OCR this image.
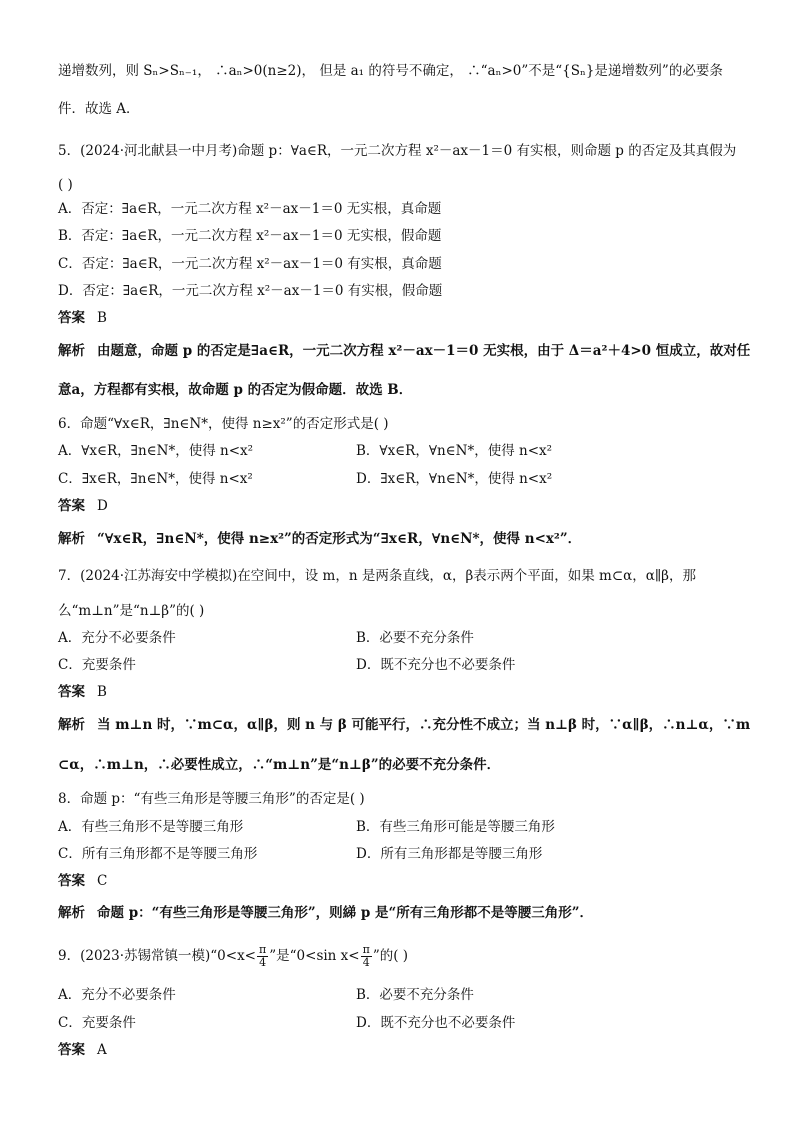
递增数列，则 Sₙ>Sₙ₋₁， ∴aₙ>0(n≥2)， 但是 a₁ 的符号不确定， ∴“aₙ>0”不是“{Sₙ}是递增数列”的必要条
件．故选 A．
5．(2024·河北献县一中月考)命题 p：∀a∈R，一元二次方程 x²－ax－1＝0 有实根，则命题 p 的否定及其真假为
( )
A．否定：∃a∈R，一元二次方程 x²－ax－1＝0 无实根，真命题
B．否定：∃a∈R，一元二次方程 x²－ax－1＝0 无实根，假命题
C．否定：∃a∈R，一元二次方程 x²－ax－1＝0 有实根，真命题
D．否定：∃a∈R，一元二次方程 x²－ax－1＝0 有实根，假命题
答案 B
解析 由题意，命题 p 的否定是∃a∈R，一元二次方程 x²－ax－1＝0 无实根，由于 Δ＝a²＋4>0 恒成立，故对任
意a，方程都有实根，故命题 p 的否定为假命题．故选 B．
6．命题“∀x∈R，∃n∈N*，使得 n≥x²”的否定形式是( )
A．∀x∈R，∃n∈N*，使得 n<x²	B．∀x∈R，∀n∈N*，使得 n<x²
C．∃x∈R，∃n∈N*，使得 n<x²	D．∃x∈R，∀n∈N*，使得 n<x²
答案 D
解析 “∀x∈R，∃n∈N*，使得 n≥x²”的否定形式为“∃x∈R，∀n∈N*，使得 n<x²”．
7．(2024·江苏海安中学模拟)在空间中，设 m，n 是两条直线，α，β表示两个平面，如果 m⊂α，α∥β，那
么“m⊥n”是“n⊥β”的( )
A．充分不必要条件	B．必要不充分条件
C．充要条件	D．既不充分也不必要条件
答案 B
解析 当 m⊥n 时，∵m⊂α，α∥β，则 n 与 β 可能平行，∴充分性不成立；当 n⊥β 时，∵α∥β，∴n⊥α，∵m
⊂α，∴m⊥n，∴必要性成立，∴“m⊥n”是“n⊥β”的必要不充分条件．
8．命题 p：“有些三角形是等腰三角形”的否定是( )
A．有些三角形不是等腰三角形	B．有些三角形可能是等腰三角形
C．所有三角形都不是等腰三角形	D．所有三角形都是等腰三角形
答案 C
解析 命题 p：“有些三角形是等腰三角形”，则綈 p 是“所有三角形都不是等腰三角形”．
9．(2023·苏锡常镇一模)“0<x< $\frac{\pi}{4}$ ”是“0<sin $x< \frac{\pi}{4}$ ”的( )
A．充分不必要条件	B．必要不充分条件
C．充要条件	D．既不充分也不必要条件
答案 A
